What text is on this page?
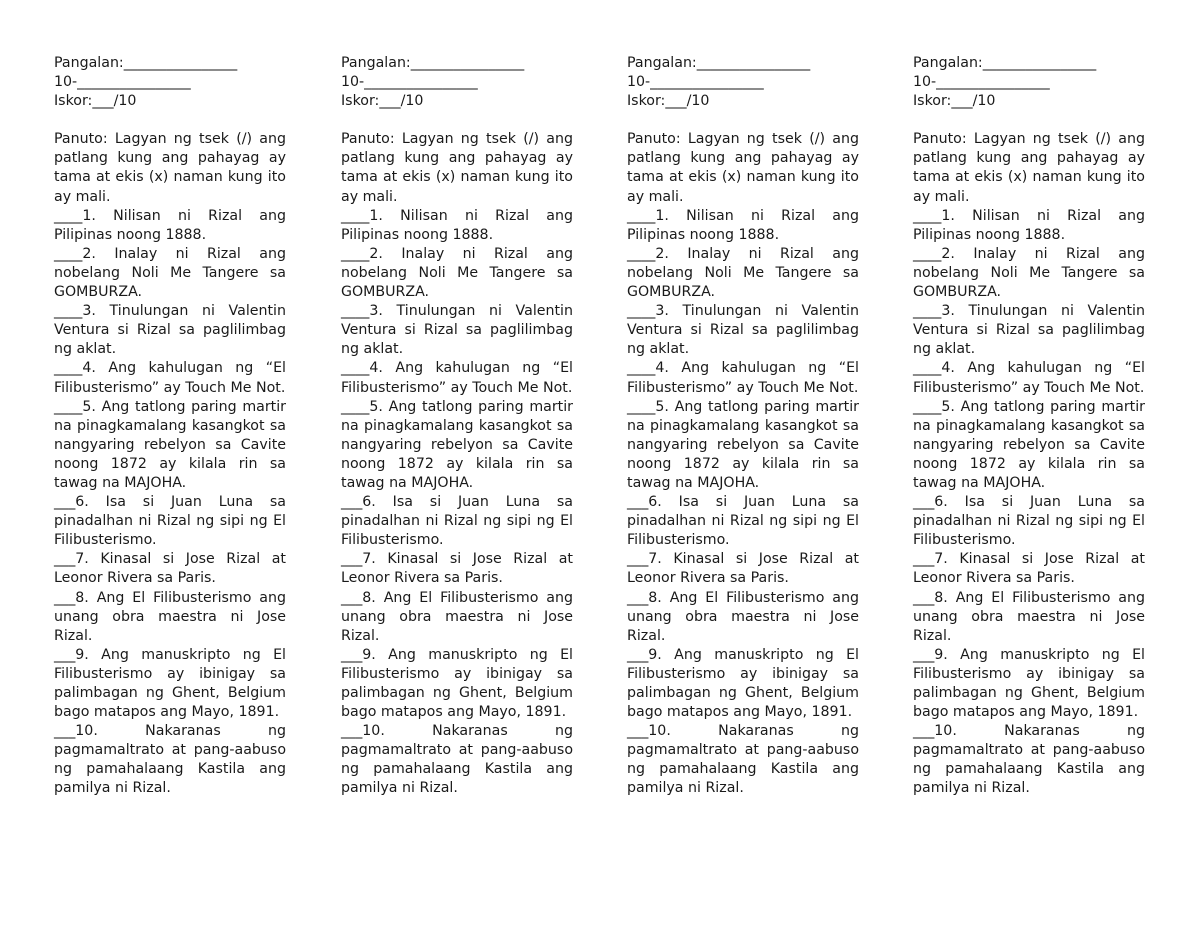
Pangalan:________________
10-________________
Iskor:___/10
Panuto: Lagyan ng tsek (/) ang patlang kung ang pahayag ay tama at ekis (x) naman kung ito ay mali.
____1. Nilisan ni Rizal ang Pilipinas noong 1888.
____2. Inalay ni Rizal ang nobelang Noli Me Tangere sa GOMBURZA.
____3. Tinulungan ni Valentin Ventura si Rizal sa paglilimbag ng aklat.
____4. Ang kahulugan ng “El Filibusterismo” ay Touch Me Not.
____5. Ang tatlong paring martir na pinagkamalang kasangkot sa nangyaring rebelyon sa Cavite noong 1872 ay kilala rin sa tawag na MAJOHA.
___6. Isa si Juan Luna sa pinadalhan ni Rizal ng sipi ng El Filibusterismo.
___7. Kinasal si Jose Rizal at Leonor Rivera sa Paris.
___8. Ang El Filibusterismo ang unang obra maestra ni Jose Rizal.
___9. Ang manuskripto ng El Filibusterismo ay ibinigay sa palimbagan ng Ghent, Belgium bago matapos ang Mayo, 1891.
___10. Nakaranas ng pagmamaltrato at pang-aabuso ng pamahalaang Kastila ang pamilya ni Rizal.
Pangalan:________________
10-________________
Iskor:___/10
Panuto: Lagyan ng tsek (/) ang patlang kung ang pahayag ay tama at ekis (x) naman kung ito ay mali.
____1. Nilisan ni Rizal ang Pilipinas noong 1888.
____2. Inalay ni Rizal ang nobelang Noli Me Tangere sa GOMBURZA.
____3. Tinulungan ni Valentin Ventura si Rizal sa paglilimbag ng aklat.
____4. Ang kahulugan ng “El Filibusterismo” ay Touch Me Not.
____5. Ang tatlong paring martir na pinagkamalang kasangkot sa nangyaring rebelyon sa Cavite noong 1872 ay kilala rin sa tawag na MAJOHA.
___6. Isa si Juan Luna sa pinadalhan ni Rizal ng sipi ng El Filibusterismo.
___7. Kinasal si Jose Rizal at Leonor Rivera sa Paris.
___8. Ang El Filibusterismo ang unang obra maestra ni Jose Rizal.
___9. Ang manuskripto ng El Filibusterismo ay ibinigay sa palimbagan ng Ghent, Belgium bago matapos ang Mayo, 1891.
___10. Nakaranas ng pagmamaltrato at pang-aabuso ng pamahalaang Kastila ang pamilya ni Rizal.
Pangalan:________________
10-________________
Iskor:___/10
Panuto: Lagyan ng tsek (/) ang patlang kung ang pahayag ay tama at ekis (x) naman kung ito ay mali.
____1. Nilisan ni Rizal ang Pilipinas noong 1888.
____2. Inalay ni Rizal ang nobelang Noli Me Tangere sa GOMBURZA.
____3. Tinulungan ni Valentin Ventura si Rizal sa paglilimbag ng aklat.
____4. Ang kahulugan ng “El Filibusterismo” ay Touch Me Not.
____5. Ang tatlong paring martir na pinagkamalang kasangkot sa nangyaring rebelyon sa Cavite noong 1872 ay kilala rin sa tawag na MAJOHA.
___6. Isa si Juan Luna sa pinadalhan ni Rizal ng sipi ng El Filibusterismo.
___7. Kinasal si Jose Rizal at Leonor Rivera sa Paris.
___8. Ang El Filibusterismo ang unang obra maestra ni Jose Rizal.
___9. Ang manuskripto ng El Filibusterismo ay ibinigay sa palimbagan ng Ghent, Belgium bago matapos ang Mayo, 1891.
___10. Nakaranas ng pagmamaltrato at pang-aabuso ng pamahalaang Kastila ang pamilya ni Rizal.
Pangalan:________________
10-________________
Iskor:___/10
Panuto: Lagyan ng tsek (/) ang patlang kung ang pahayag ay tama at ekis (x) naman kung ito ay mali.
____1. Nilisan ni Rizal ang Pilipinas noong 1888.
____2. Inalay ni Rizal ang nobelang Noli Me Tangere sa GOMBURZA.
____3. Tinulungan ni Valentin Ventura si Rizal sa paglilimbag ng aklat.
____4. Ang kahulugan ng “El Filibusterismo” ay Touch Me Not.
____5. Ang tatlong paring martir na pinagkamalang kasangkot sa nangyaring rebelyon sa Cavite noong 1872 ay kilala rin sa tawag na MAJOHA.
___6. Isa si Juan Luna sa pinadalhan ni Rizal ng sipi ng El Filibusterismo.
___7. Kinasal si Jose Rizal at Leonor Rivera sa Paris.
___8. Ang El Filibusterismo ang unang obra maestra ni Jose Rizal.
___9. Ang manuskripto ng El Filibusterismo ay ibinigay sa palimbagan ng Ghent, Belgium bago matapos ang Mayo, 1891.
___10. Nakaranas ng pagmamaltrato at pang-aabuso ng pamahalaang Kastila ang pamilya ni Rizal.
